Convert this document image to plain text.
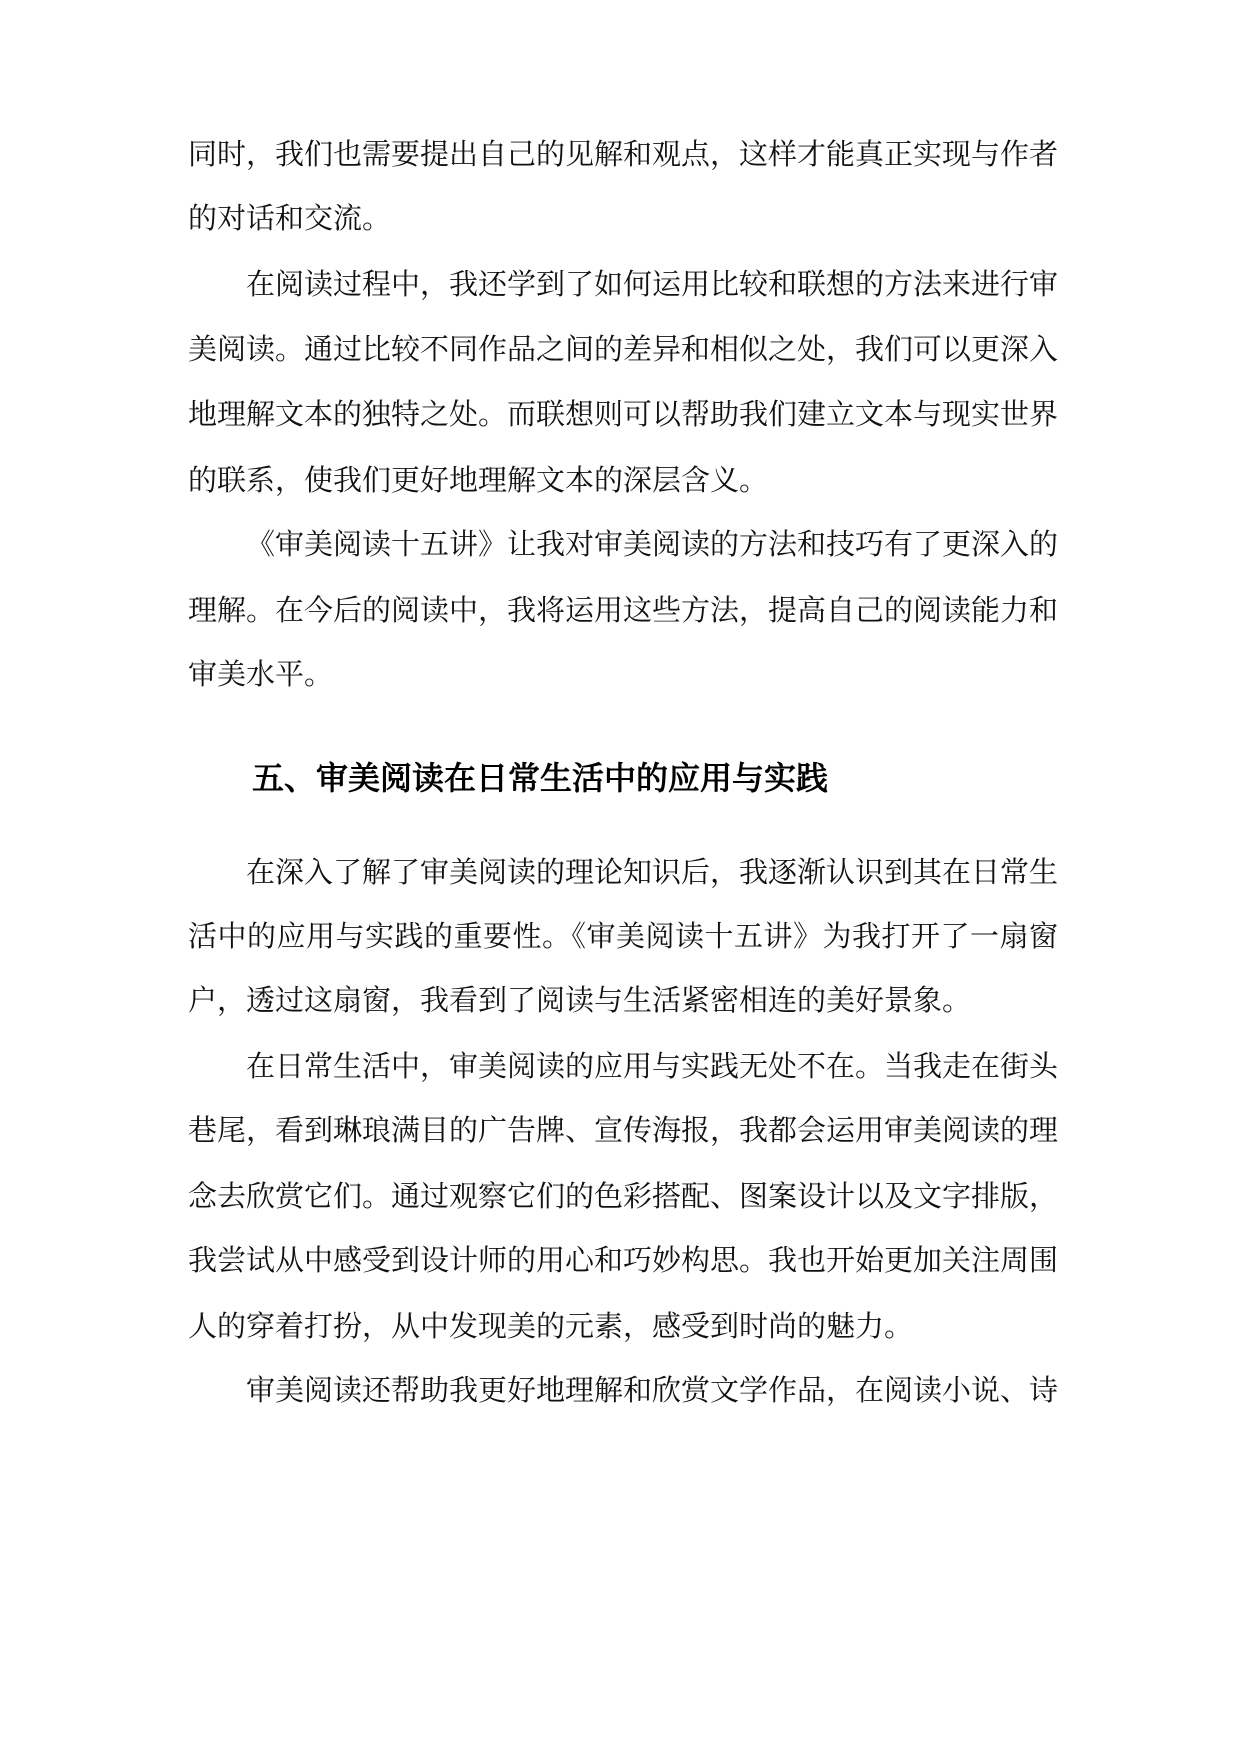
同时，我们也需要提出自己的见解和观点，这样才能真正实现与作者
的对话和交流。
在阅读过程中，我还学到了如何运用比较和联想的方法来进行审
美阅读。通过比较不同作品之间的差异和相似之处，我们可以更深入
地理解文本的独特之处。而联想则可以帮助我们建立文本与现实世界
的联系，使我们更好地理解文本的深层含义。
《审美阅读十五讲》让我对审美阅读的方法和技巧有了更深入的
理解。在今后的阅读中，我将运用这些方法，提高自己的阅读能力和
审美水平。
五、审美阅读在日常生活中的应用与实践
在深入了解了审美阅读的理论知识后，我逐渐认识到其在日常生
活中的应用与实践的重要性。《审美阅读十五讲》为我打开了一扇窗
户，透过这扇窗，我看到了阅读与生活紧密相连的美好景象。
在日常生活中，审美阅读的应用与实践无处不在。当我走在街头
巷尾，看到琳琅满目的广告牌、宣传海报，我都会运用审美阅读的理
念去欣赏它们。通过观察它们的色彩搭配、图案设计以及文字排版，
我尝试从中感受到设计师的用心和巧妙构思。我也开始更加关注周围
人的穿着打扮，从中发现美的元素，感受到时尚的魅力。
审美阅读还帮助我更好地理解和欣赏文学作品，在阅读小说、诗
